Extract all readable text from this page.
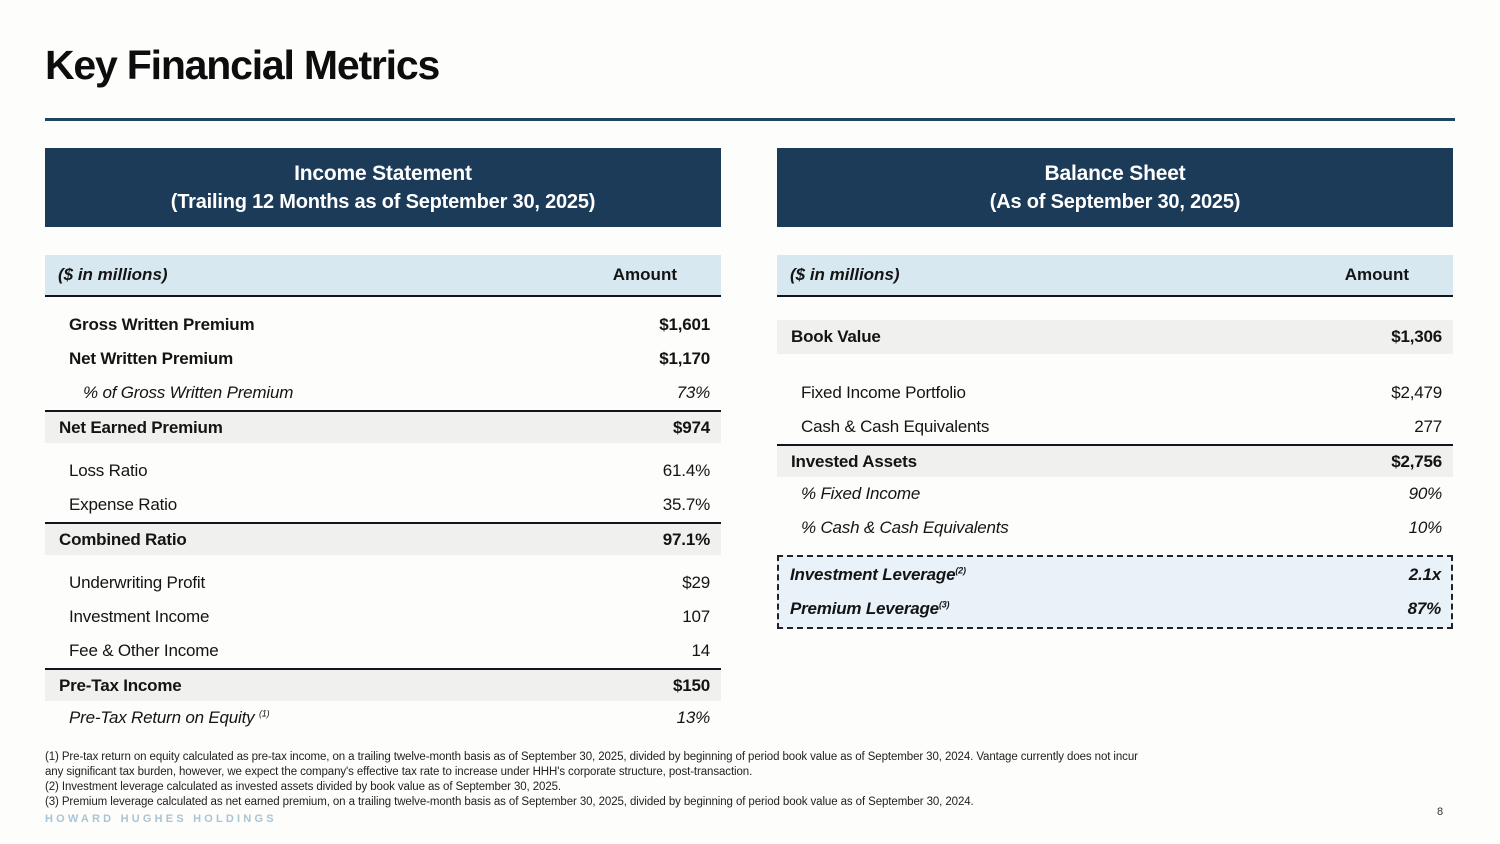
Key Financial Metrics
Income Statement
(Trailing 12 Months as of September 30, 2025)
($ in millions)	Amount
Gross Written Premium	$1,601
Net Written Premium	$1,170
% of Gross Written Premium	73%
Net Earned Premium	$974
Loss Ratio	61.4%
Expense Ratio	35.7%
Combined Ratio	97.1%
Underwriting Profit	$29
Investment Income	107
Fee & Other Income	14
Pre-Tax Income	$150
Pre-Tax Return on Equity $^{(1)}$	13%
Balance Sheet
(As of September 30, 2025)
($ in millions)	Amount
Book Value	$1,306
Fixed Income Portfolio	$2,479
Cash & Cash Equivalents	277
Invested Assets	$2,756
% Fixed Income	90%
% Cash & Cash Equivalents	10%
Investment Leverage$^{(2)}$	2.1x
Premium Leverage$^{(3)}$	87%
(1) Pre-tax return on equity calculated as pre-tax income, on a trailing twelve-month basis as of September 30, 2025, divided by beginning of period book value as of September 30, 2024. Vantage currently does not incur
any significant tax burden, however, we expect the company's effective tax rate to increase under HHH's corporate structure, post-transaction.
(2) Investment leverage calculated as invested assets divided by book value as of September 30, 2025.
(3) Premium leverage calculated as net earned premium, on a trailing twelve-month basis as of September 30, 2025, divided by beginning of period book value as of September 30, 2024.
HOWARD HUGHES HOLDINGS
8
